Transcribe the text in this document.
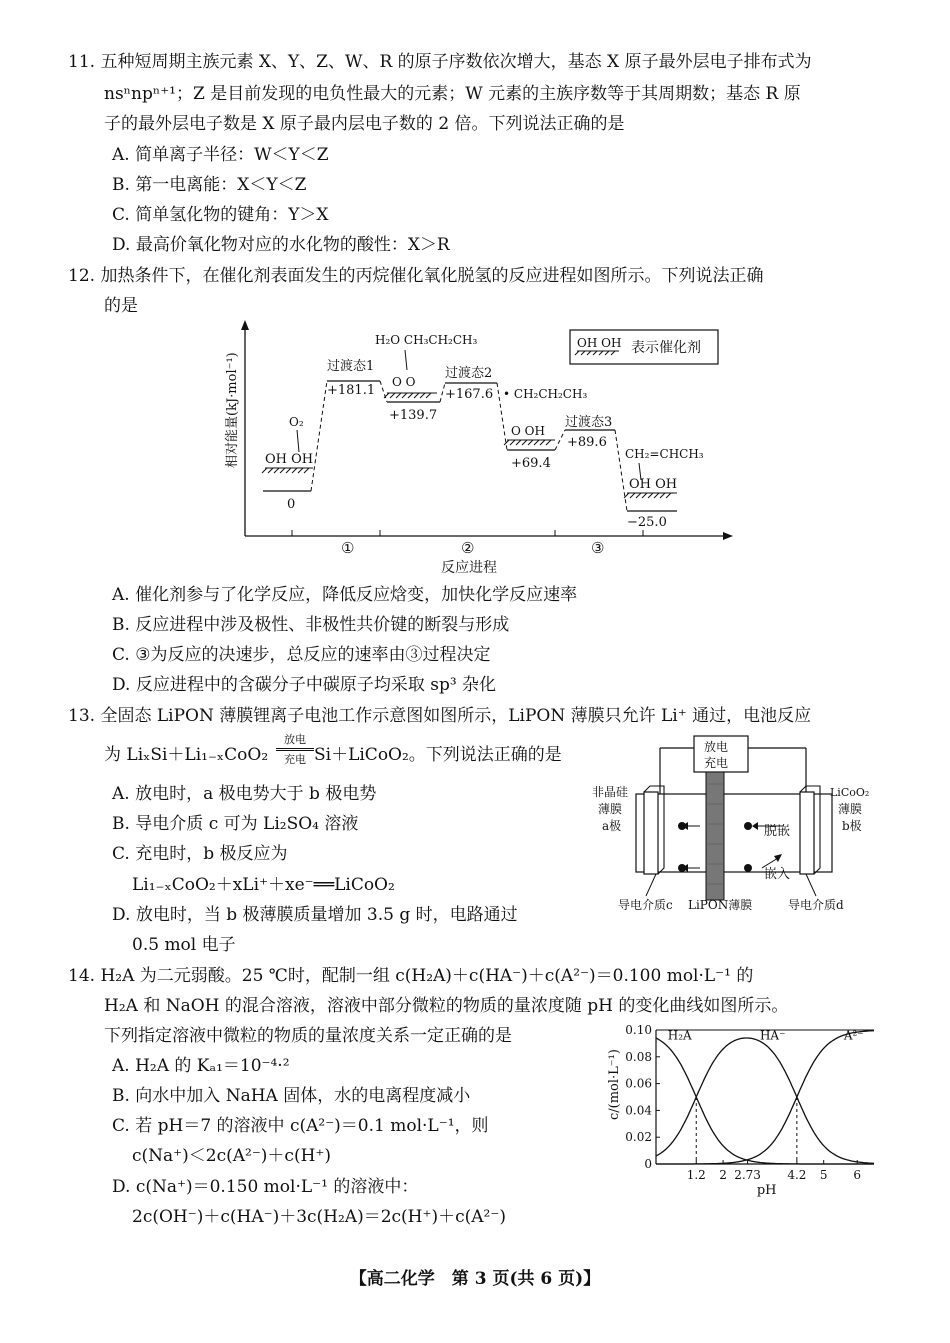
11. 五种短周期主族元素 X、Y、Z、W、R 的原子序数依次增大，基态 X 原子最外层电子排布式为
nsⁿnpⁿ⁺¹；Z 是目前发现的电负性最大的元素；W 元素的主族序数等于其周期数；基态 R 原
子的最外层电子数是 X 原子最内层电子数的 2 倍。下列说法正确的是
A. 简单离子半径：W＜Y＜Z
B. 第一电离能：X＜Y＜Z
C. 简单氢化物的键角：Y＞X
D. 最高价氧化物对应的水化物的酸性：X＞R
12. 加热条件下，在催化剂表面发生的丙烷催化氧化脱氢的反应进程如图所示。下列说法正确
的是
相对能量(kJ·mol⁻¹)
①	②	③
反应进程
OH OH
O₂
0
过渡态1
+181.1
H₂O CH₃CH₂CH₃
O O
+139.7
过渡态2
+167.6 • CH₂CH₂CH₃
O OH
+69.4
过渡态3
+89.6
CH₂=CHCH₃
OH OH
−25.0
OH OH 表示催化剂
A. 催化剂参与了化学反应，降低反应焓变，加快化学反应速率
B. 反应进程中涉及极性、非极性共价键的断裂与形成
C. ③为反应的决速步，总反应的速率由③过程决定
D. 反应进程中的含碳分子中碳原子均采取 sp³ 杂化
13. 全固态 LiPON 薄膜锂离子电池工作示意图如图所示，LiPON 薄膜只允许 Li⁺ 通过，电池反应
为 LiₓSi＋Li₁₋ₓCoO₂
放电
充电 Si＋LiCoO₂。下列说法正确的是
A. 放电时，a 极电势大于 b 极电势
B. 导电介质 c 可为 Li₂SO₄ 溶液
C. 充电时，b 极反应为
Li₁₋ₓCoO₂＋xLi⁺＋xe⁻══LiCoO₂
D. 放电时，当 b 极薄膜质量增加 3.5 g 时，电路通过
0.5 mol 电子
放电
充电
脱嵌
嵌入
非晶硅
薄膜
a极
LiCoO₂
薄膜
b极
导电介质c LiPON薄膜	导电介质d
14. H₂A 为二元弱酸。25 ℃时，配制一组 c(H₂A)＋c(HA⁻)＋c(A²⁻)＝0.100 mol·L⁻¹ 的
H₂A 和 NaOH 的混合溶液，溶液中部分微粒的物质的量浓度随 pH 的变化曲线如图所示。
下列指定溶液中微粒的物质的量浓度关系一定正确的是
A. H₂A 的 Kₐ₁＝10⁻⁴·²
B. 向水中加入 NaHA 固体，水的电离程度减小
C. 若 pH＝7 的溶液中 c(A²⁻)＝0.1 mol·L⁻¹，则
c(Na⁺)＜2c(A²⁻)＋c(H⁺)
D. c(Na⁺)＝0.150 mol·L⁻¹ 的溶液中：
2c(OH⁻)＋c(HA⁻)＋3c(H₂A)＝2c(H⁺)＋c(A²⁻)
0
0.02
0.04
0.06
0.08
0.10
1.2 2 2.73 4.2 5 6
pH
c/(mol·L⁻¹)
H₂A	HA⁻	A²⁻
【高二化学　第 3 页(共 6 页)】
